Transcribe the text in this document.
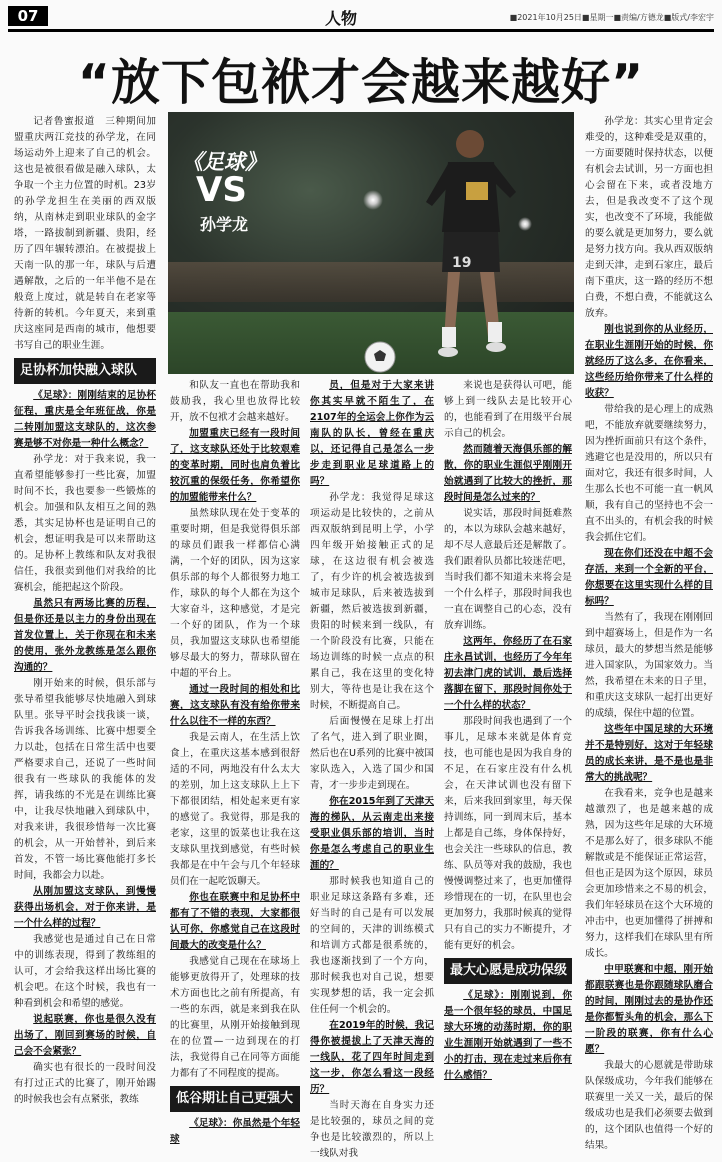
07	人物	■2021年10月25日■星期一■责编/方德龙■版式/李宏宇
“放下包袱才会越来越好”

记者鲁蜜报道　三种期间加盟重庆两江竞技的孙学龙，在同场运动外上迎来了自己的机会。这也是被很看做是融入球队，太争取一个主力位置的时机。23岁的孙学龙担生在美丽的西双版纳，从南林走到职业球队的金字塔，一路拔制到新疆、贵阳，经历了四年辗转漂泊。在被提拔上天南一队的那一年，球队与后遭遇解散，之后的一年半他不是在般竟上度过，就是转自在老家等待新的转机。今年夏天，来到重庆这座同是西南的城市，他想要书写自己的职业生涯。

足协杯加快融入球队

《足球》：刚刚结束的足协杯征程，重庆是全年班征战，你是二转刚加盟这支球队的，这次参赛是够不对你是一种什么概念？

孙学龙：对于我来说，我一直希望能够参打一些比赛，加盟时间不长，我也要参一些锻炼的机会。加强和队友相互之间的熟悉，其实足协杯也是证明自己的机会，想证明我是可以来帮助这的。足协杯上教练和队友对我很信任，我很卖到他们对我给的比赛机会，能把起这个阶段。

虽然只有两场比赛的历程，但是你还是以主力的身份出现在首发位置上，关于你现在和未来的使用，张外龙教练是怎么跟你沟通的？

刚开始来的时候，俱乐部与张导希望我能够尽快地融入到球队里。张导平时会找我谈一谈，告诉我各场训练、比赛中想要全力以赴，包括在日常生活中也要严格要求自己，还说了一些时间很我有一些球队的我能体的发挥，请我练的不光是在训练比赛中，让我尽快地融入到球队中，对我来讲，我很珍惜每一次比赛的机会，从一开始替补，到后来首发，不管一场比赛他能打多长时间，我都会力以赴。

从刚加盟这支球队，到慢慢获得出场机会，对于你来讲，是一个什么样的过程？

我感觉也是通过自己在日常中的训练表现，得到了教练组的认可，才会给我这样出场比赛的机会吧。在这个时候，我也有一种看到机会和希望的感觉。

说起联赛，你也是很久没有出场了，刚回到赛场的时候，自己会不会紧张？

确实也有很长的一段时间没有打过正式的比赛了，刚开始踢的时候我也会有点紧张，教练

19
《足球》
VS
孙学龙

和队友一直也在帮助我和鼓励我，我心里也放得比较开，放不包袱才会越来越好。

加盟重庆已经有一段时间了，这支球队还处于比较艰难的变革时期，同时也肩负着比较沉重的保级任务，你希望你的加盟能带来什么？

虽然球队现在处于变革的重要时期，但是我觉得俱乐部的球员们跟我一样都信心满满，一个好的团队，因为这家俱乐部的每个人都很努力地工作，球队的每个人都在为这个大家奋斗，这种感觉，才是完一个好的团队，作为一个球员，我加盟这支球队也希望能够尽最大的努力，帮球队留在中超的平台上。

通过一段时间的相处和比赛，这支球队有没有给你带来什么以往不一样的东西？

我是云南人，在生活上饮食上，在重庆这基本感到很舒适的不同，两地没有什么太大的差别，加上这支球队上上下下都很团结，相处起来更有家的感觉了。我觉得，那是我的老家，这里的饭菜也让我在这支球队里找到感觉，有些时候我都是在中午会与几个年轻球员们在一起吃饭聊天。

你也在联赛中和足协杯中都有了不错的表现，大家都很认可你，你感觉自己在这段时间最大的改变是什么？

我感觉自己现在在球场上能够更放得开了，处理球的技术方面也比之前有所提高，有一些的东西，就是来到我在队的比赛里，从刚开始接触到现在的位置—一边到现在的打法，我觉得自己在同等方面能力都有了不同程度的提高。

低谷期让自己更强大

《足球》：你虽然是个年轻球

员，但是对于大家来讲你其实早就不陌生了，在2107年的全运会上你作为云南队的队长，曾经在重庆以，还记得自己是怎么一步步走到职业足球道路上的吗？

孙学龙：我觉得足球这项运动是比较快的，之前从西双版纳到昆明上学，小学四年级开始接触正式的足球，在这边很有机会被选了，有少许的机会被选拔到城市足球队，后来被选拔到新疆，然后被选拔到新疆，贵阳的时候来到一线队，有一个阶段没有比赛，只能在场边训练的时候一点点的积累自己，我在这里的变化特别大，等待也是让我在这个时候，不断提高自己。

后面慢慢在足球上打出了名气，进入到了职业圈，然后也在U系列的比赛中被国家队选入，入选了国少和国青，才一步步走到现在。

你在2015年到了天津天海的梯队，从云南走出来接受职业俱乐部的培训，当时你是怎么考虑自己的职业生涯的？

那时候我也知道自己的职业足球这条路有多难，还好当时的自己是有可以发展的空间的，天津的训练模式和培训方式都是很系统的，我也逐渐找到了一个方向，那时候我也对自己说，想要实现梦想的话，我一定会抓住任何一个机会的。

在2019年的时候，我记得你被提拔上了天津天海的一线队，花了四年时间走到这一步，你怎么看这一段经历？

当时天海在自身实力还是比较强的，球员之间的竞争也是比较激烈的，所以上一线队对我

来说也是获得认可吧，能够上到一线队去是比较开心的，也能看到了在用级平台展示自己的机会。

然而随着天海俱乐部的解散，你的职业生涯似乎刚刚开始就遇到了比较大的挫折，那段时间是怎么过来的？

说实话，那段时间挺难熬的，本以为球队会越来越好，却不尽人意最后还是解散了。我们跟着队员都比较迷茫吧，当时我们都不知道未来将会是一个什么样子，那段时间我也一直在调整自己的心态，没有放弃训练。

这两年，你经历了在石家庄永昌试训，也经历了今年年初去津门虎的试训，最后选择落脚在留下，那段时间你处于一个什么样的状态？

那段时间我也遇到了一个事儿，足球本来就是体育竞技，也可能也是因为我自身的不足，在石家庄没有什么机会，在天津试训也没有留下来，后来我回到家里，每天保持训练，同一到周末后，基本上都是自己练，身体保持好，也会关注一些球队的信息，教练、队员等对我的鼓励，我也慢慢调整过来了，也更加懂得珍惜现在的一切，在队里也会更加努力，我那时候真的觉得只有自己的实力不断提升，才能有更好的机会。

最大心愿是成功保级

《足球》：刚刚说到，你是一个很年轻的球员，中国足球大环境的动荡时期，你的职业生涯刚开始就遇到了一些不小的打击，现在走过来后你有什么感悟？

孙学龙：其实心里肯定会难受的，这种难受是双重的，一方面要随时保持状态，以便有机会去试训，另一方面也担心会留在下来，或者没地方去，但是我改变不了这个现实，也改变不了环境，我能做的要么就是更加努力，要么就是努力找方向。我从西双版纳走到天津，走到石家庄，最后南下重庆，这一路的经历不想白费，不想白费，不能就这么放弃。

刚也说到你的从业经历，在职业生涯刚开始的时候，你就经历了这么多，在你看来，这些经历给你带来了什么样的收获？

带给我的是心理上的成熟吧，不能放弃就要继续努力，因为挫折面前只有这个条件，逃避它也是没用的，所以只有面对它，我还有很多时间，人生那么长也不可能一直一帆风顺，我有自己的坚持也不会一直不出头的，有机会我的时候我会抓住它们。

现在你们还没在中超不会存活，来到一个全新的平台，你想要在这里实现什么样的目标吗？

当然有了，我现在刚刚回到中超赛场上，但是作为一名球员，最大的梦想当然是能够进入国家队，为国家效力。当然，我希望在未来的日子里，和重庆这支球队一起打出更好的成绩，保住中超的位置。

这些年中国足球的大环境并不是特别好，这对于年轻球员的成长来讲，是不是也是非常大的挑战呢？

在我看来，竞争也是越来越激烈了，也是越来越的成熟，因为这些年足球的大环境不是那么好了，很多球队不能解散或是不能保证正常运营，但也正是因为这个原因，球员会更加珍惜来之不易的机会，我们年轻球员在这个大环境的冲击中，也更加懂得了拼搏和努力，这样我们在球队里有所成长。

中甲联赛和中超，刚开始都跟联赛也是你跟随球队磨合的时间，刚刚过去的是协作还是你都暂头角的机会，那么下一阶段的联赛，你有什么心愿？

我最大的心愿就是带助球队保级成功，今年我们能够在联赛里一关又一关，最后的保级成功也是我们必须要去做到的，这个团队也值得一个好的结果。
